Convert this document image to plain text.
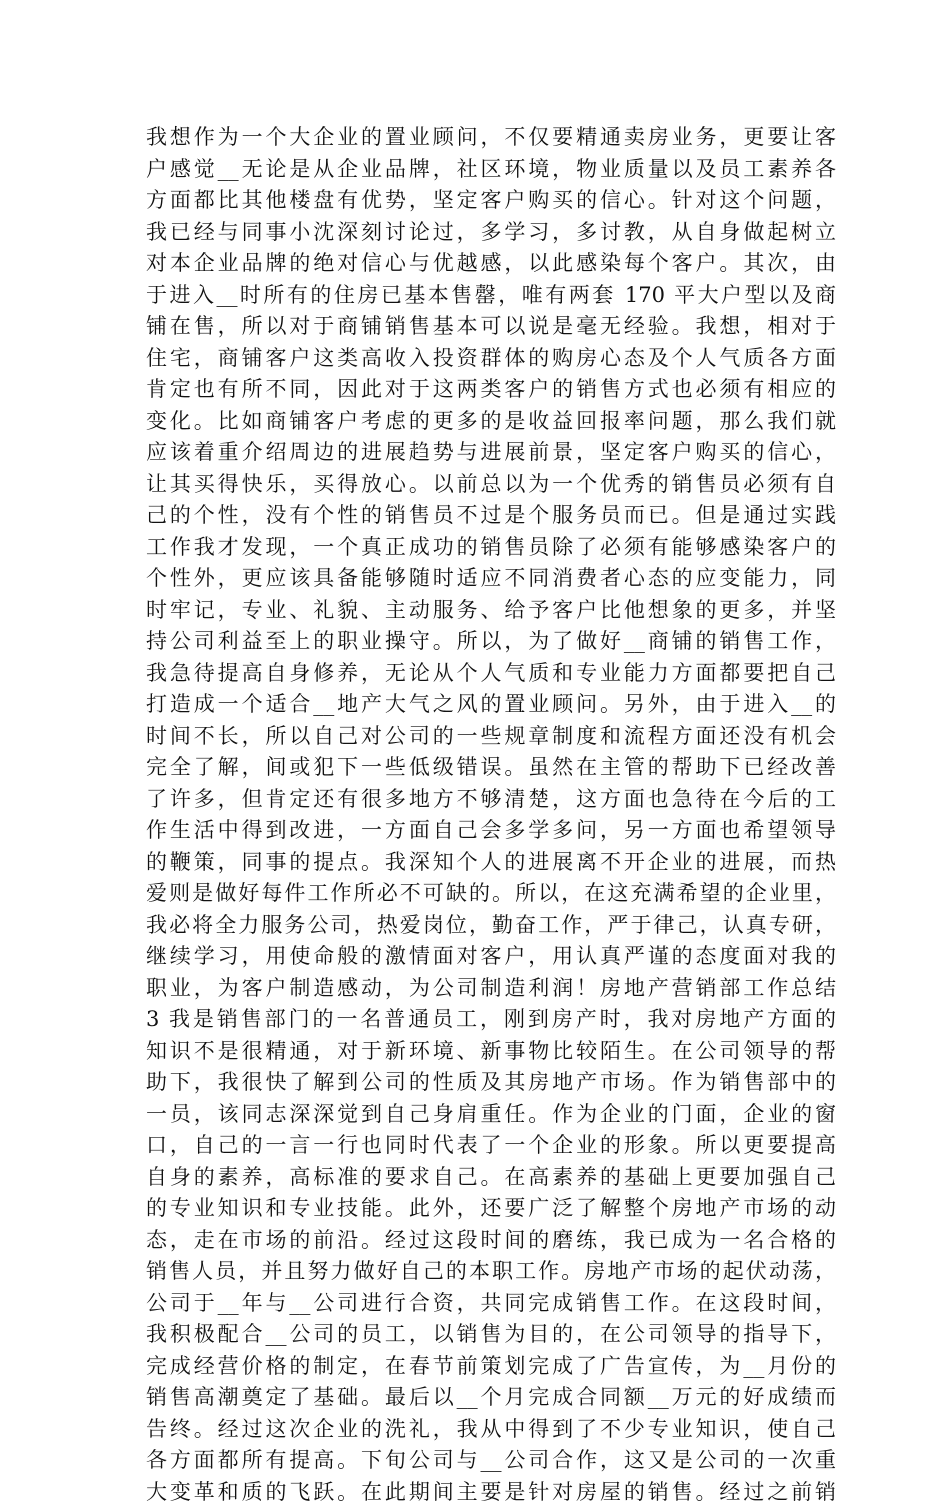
我想作为一个大企业的置业顾问，不仅要精通卖房业务，更要让客
户感觉__无论是从企业品牌，社区环境，物业质量以及员工素养各
方面都比其他楼盘有优势，坚定客户购买的信心。针对这个问题，
我已经与同事小沈深刻讨论过，多学习，多讨教，从自身做起树立
对本企业品牌的绝对信心与优越感，以此感染每个客户。其次，由
于进入__时所有的住房已基本售罄，唯有两套 170 平大户型以及商
铺在售，所以对于商铺销售基本可以说是毫无经验。我想，相对于
住宅，商铺客户这类高收入投资群体的购房心态及个人气质各方面
肯定也有所不同，因此对于这两类客户的销售方式也必须有相应的
变化。比如商铺客户考虑的更多的是收益回报率问题，那么我们就
应该着重介绍周边的进展趋势与进展前景，坚定客户购买的信心，
让其买得快乐，买得放心。以前总以为一个优秀的销售员必须有自
己的个性，没有个性的销售员不过是个服务员而已。但是通过实践
工作我才发现，一个真正成功的销售员除了必须有能够感染客户的
个性外，更应该具备能够随时适应不同消费者心态的应变能力，同
时牢记，专业、礼貌、主动服务、给予客户比他想象的更多，并坚
持公司利益至上的职业操守。所以，为了做好__商铺的销售工作，
我急待提高自身修养，无论从个人气质和专业能力方面都要把自己
打造成一个适合__地产大气之风的置业顾问。另外，由于进入__的
时间不长，所以自己对公司的一些规章制度和流程方面还没有机会
完全了解，间或犯下一些低级错误。虽然在主管的帮助下已经改善
了许多，但肯定还有很多地方不够清楚，这方面也急待在今后的工
作生活中得到改进，一方面自己会多学多问，另一方面也希望领导
的鞭策，同事的提点。我深知个人的进展离不开企业的进展，而热
爱则是做好每件工作所必不可缺的。所以，在这充满希望的企业里，
我必将全力服务公司，热爱岗位，勤奋工作，严于律己，认真专研，
继续学习，用使命般的激情面对客户，用认真严谨的态度面对我的
职业，为客户制造感动，为公司制造利润！房地产营销部工作总结
3 我是销售部门的一名普通员工，刚到房产时，我对房地产方面的
知识不是很精通，对于新环境、新事物比较陌生。在公司领导的帮
助下，我很快了解到公司的性质及其房地产市场。作为销售部中的
一员，该同志深深觉到自己身肩重任。作为企业的门面，企业的窗
口，自己的一言一行也同时代表了一个企业的形象。所以更要提高
自身的素养，高标准的要求自己。在高素养的基础上更要加强自己
的专业知识和专业技能。此外，还要广泛了解整个房地产市场的动
态，走在市场的前沿。经过这段时间的磨练，我已成为一名合格的
销售人员，并且努力做好自己的本职工作。房地产市场的起伏动荡，
公司于__年与__公司进行合资，共同完成销售工作。在这段时间，
我积极配合__公司的员工，以销售为目的，在公司领导的指导下，
完成经营价格的制定，在春节前策划完成了广告宣传，为__月份的
销售高潮奠定了基础。最后以__个月完成合同额__万元的好成绩而
告终。经过这次企业的洗礼，我从中得到了不少专业知识，使自己
各方面都所有提高。下旬公司与__公司合作，这又是公司的一次重
大变革和质的飞跃。在此期间主要是针对房屋的销售。经过之前销
